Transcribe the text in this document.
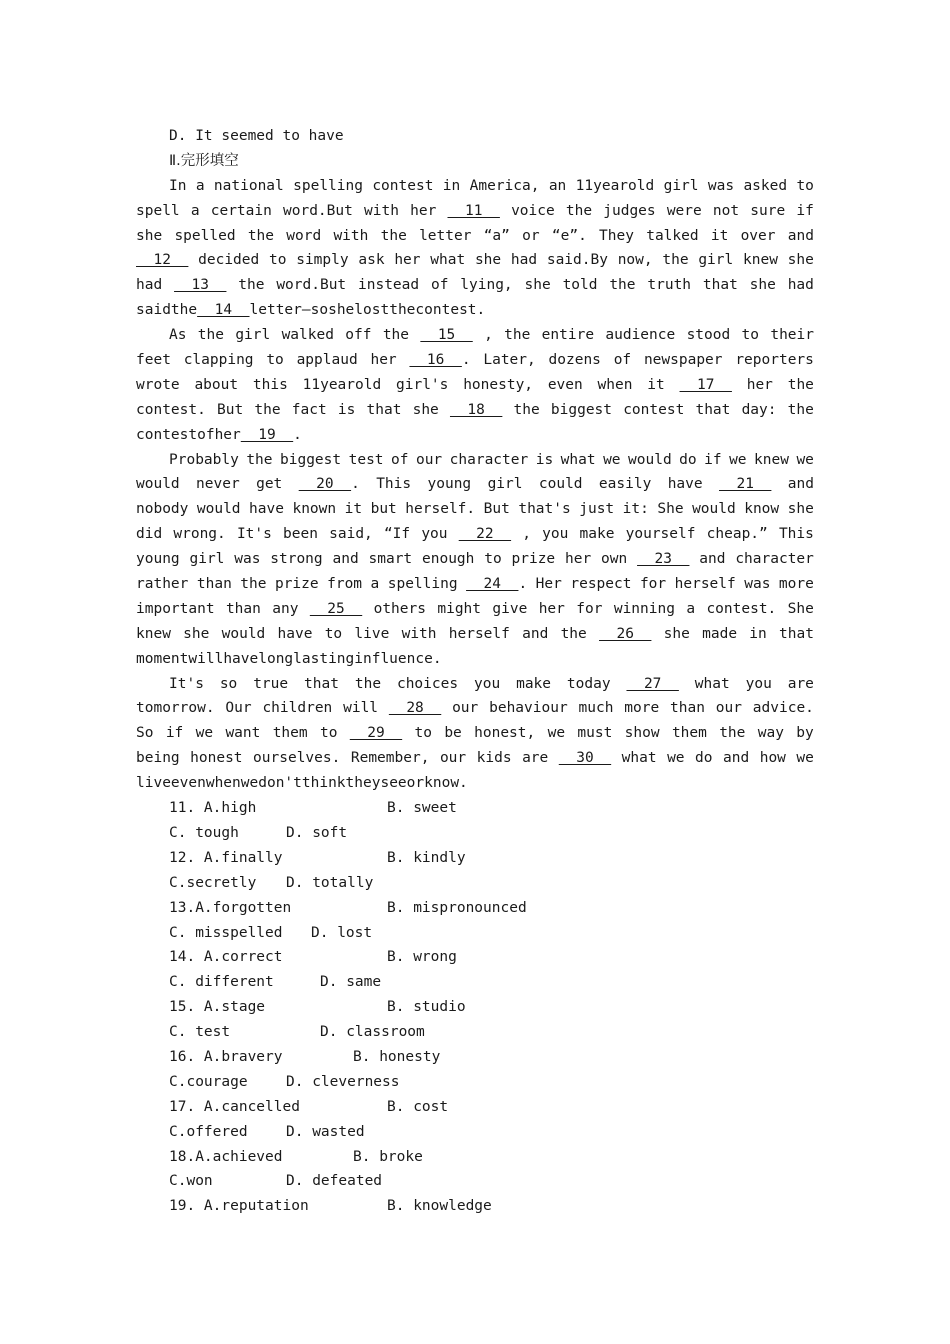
D. It seemed to have
Ⅱ.完形填空
In a national spelling contest in America, an 11yearold girl was asked to
spell a certain word.But with her 11 voice the judges were not sure if
she spelled the word with the letter “a” or “e”. They talked it over and
12 decided to simply ask her what she had said.By now, the girl knew she
had 13 the word.But instead of lying, she told the truth that she had
said the 14 letter—so she lost the contest.
As the girl walked off the 15 , the entire audience stood to their
feet clapping to applaud her 16  . Later, dozens of newspaper reporters
wrote about this 11yearold girl's honesty, even when it 17 her the
contest. But the fact is that she 18 the biggest contest that day: the
contest of her 19  .
Probably the biggest test of our character is what we would do if we knew we
would never get 20  . This young girl could easily have 21 and
nobody would have known it but herself. But that's just it: She would know she
did wrong. It's been said, “If you 22 , you make yourself cheap.” This
young girl was strong and smart enough to prize her own 23 and character
rather than the prize from a spelling 24  . Her respect for herself was more
important than any 25 others might give her for winning a contest. She
knew she would have to live with herself and the 26 she made in that
moment will have longlasting influence.
It's so true that the choices you make today 27 what you are
tomorrow. Our children will 28 our behaviour much more than our advice.
So if we want them to 29 to be honest, we must show them the way by
being honest ourselves. Remember, our kids are 30 what we do and how we
live even when we don't think they see or know.
11. A.high	B. sweet
C. tough	D. soft
12. A.finally	B. kindly
C.secretly D. totally
13.A.forgotten	B. mispronounced
C. misspelled D. lost
14. A.correct	B. wrong
C. different	D. same
15. A.stage	B. studio
C. test	D. classroom
16. A.bravery	B. honesty
C.courage	D. cleverness
17. A.cancelled	B. cost
C.offered	D. wasted
18.A.achieved	B. broke
C.won	D. defeated
19. A.reputation	B. knowledge
